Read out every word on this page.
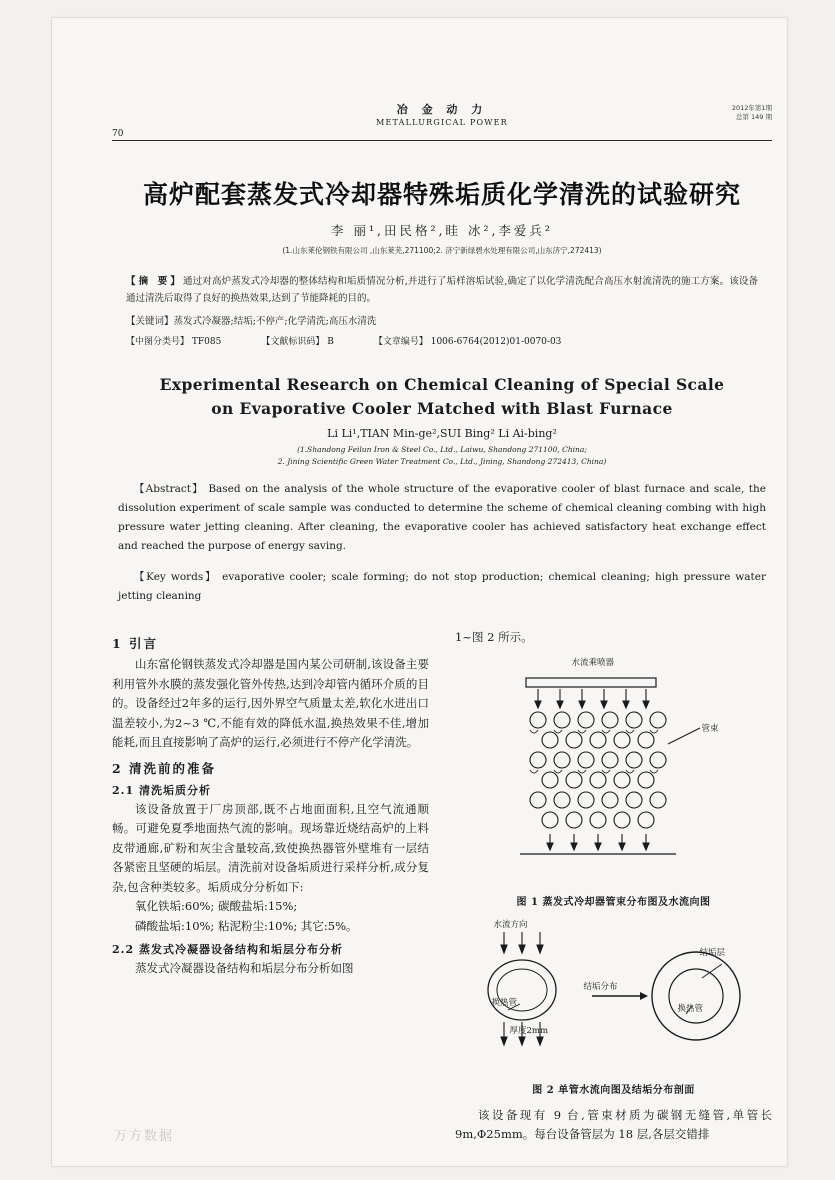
冶 金 动 力
METALLURGICAL POWER
70
2012年第1期
总第 149 期
高炉配套蒸发式冷却器特殊垢质化学清洗的试验研究
李 丽¹,田民格²,眭 冰²,李爱兵²
(1.山东莱伦钢铁有限公司 ,山东莱芜,271100;2. 济宁新绿碧水处理有限公司,山东济宁,272413)
【摘 要】通过对高炉蒸发式冷却器的整体结构和垢质情况分析,并进行了垢样溶垢试验,确定了以化学清洗配合高压水射流清洗的施工方案。该设备通过清洗后取得了良好的换热效果,达到了节能降耗的目的。
【关键词】蒸发式冷凝器;结垢;不停产;化学清洗;高压水清洗
【中图分类号】 TF085	【文献标识码】 B	【文章编号】 1006-6764(2012)01-0070-03
Experimental Research on Chemical Cleaning of Special Scale
on Evaporative Cooler Matched with Blast Furnace
Li Li¹,TIAN Min-ge²,SUI Bing² Li Ai-bing²
(1.Shandong Feilun Iron & Steel Co., Ltd., Laiwu, Shandong 271100, China;
2. Jining Scientific Green Water Treatment Co., Ltd., Jining, Shandong 272413, China)
【Abstract】 Based on the analysis of the whole structure of the evaporative cooler of blast furnace and scale, the dissolution experiment of scale sample was conducted to determine the scheme of chemical cleaning combing with high pressure water jetting cleaning. After cleaning, the evaporative cooler has achieved satisfactory heat exchange effect and reached the purpose of energy saving.
【Key words】 evaporative cooler; scale forming; do not stop production; chemical cleaning; high pressure water jetting cleaning
1 引言
山东富伦钢铁蒸发式冷却器是国内某公司研制,该设备主要利用管外水膜的蒸发强化管外传热,达到冷却管内循环介质的目的。设备经过2年多的运行,因外界空气质量太差,软化水进出口温差较小,为2~3 ℃,不能有效的降低水温,换热效果不佳,增加能耗,而且直接影响了高炉的运行,必须进行不停产化学清洗。
2 清洗前的准备
2.1 清洗垢质分析
该设备放置于厂房顶部,既不占地面面积,且空气流通顺畅。可避免夏季地面热气流的影响。现场靠近烧结高炉的上料皮带通廊,矿粉和灰尘含量较高,致使换热器管外壁堆有一层结各紧密且坚硬的垢层。清洗前对设备垢质进行采样分析,成分复杂,包含种类较多。垢质成分分析如下:
氧化铁垢:60%; 碳酸盐垢:15%;
磷酸盐垢:10%; 粘泥粉尘:10%; 其它:5%。
2.2 蒸发式冷凝器设备结构和垢层分布分析
蒸发式冷凝器设备结构和垢层分布分析如图
1~图 2 所示。
水流乘喷器
管束
图 1 蒸发式冷却器管束分布图及水流向图
水流方向
结垢分布
换热管
厚度2mm
结垢层
换热管
图 2 单管水流向图及结垢分布剖面
该设备现有 9 台,管束材质为碳钢无缝管,单管长 9m,Φ25mm。每台设备管层为 18 层,各层交错排
万方数据
